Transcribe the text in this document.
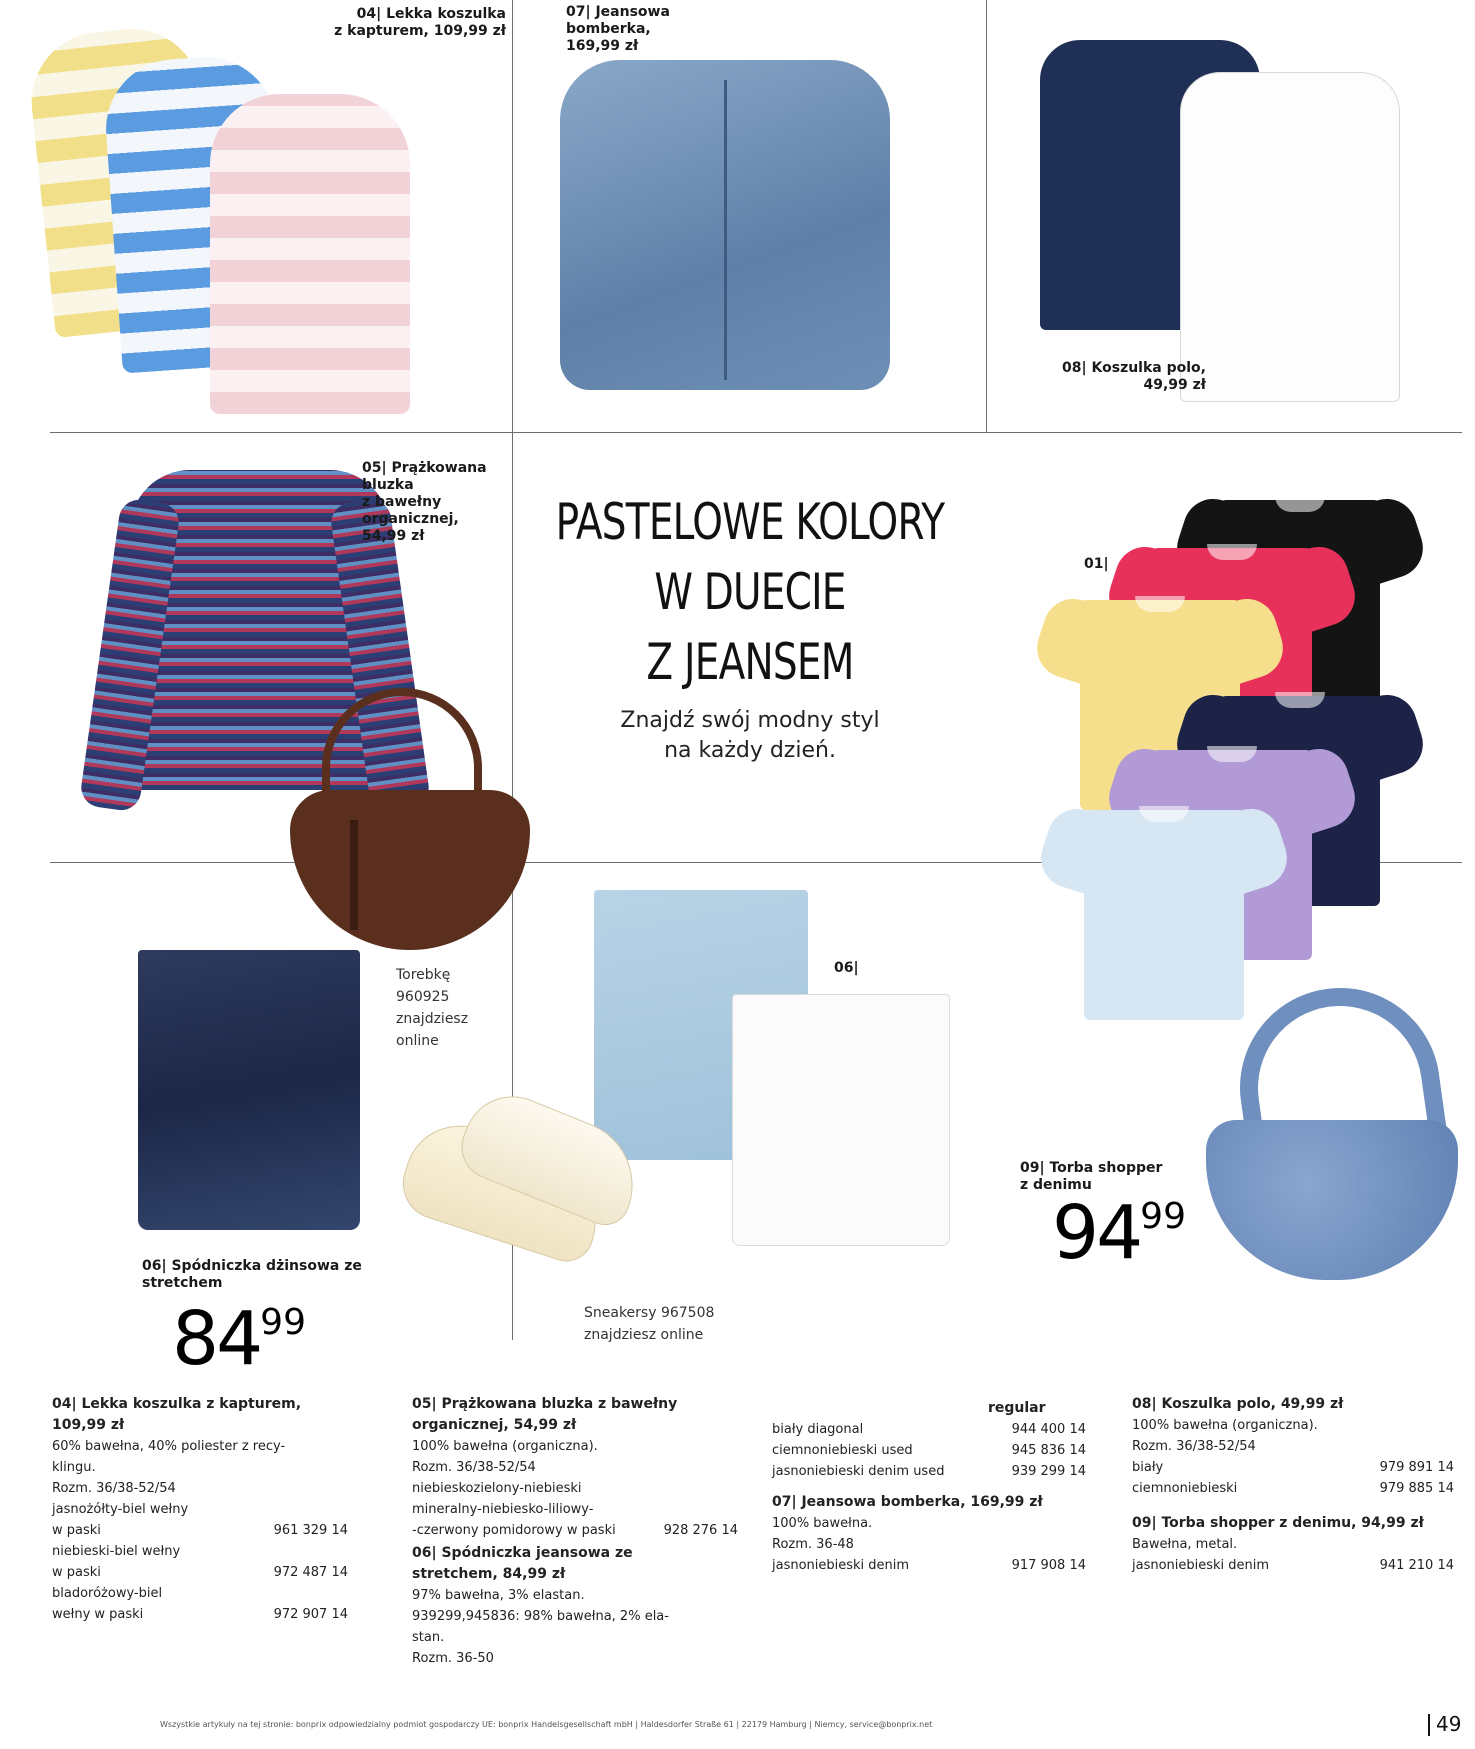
04| Lekka koszulka
z kapturem, 109,99 zł
07| Jeansowa
bomberka,
169,99 zł
08| Koszulka polo,
49,99 zł
05| Prążkowana
bluzka
z bawełny
organicznej,
54,99 zł	PASTELOWE KOLORY
W DUECIE
Z JEANSEM
Znajdź swój modny styl
na każdy dzień.
01|
Torebkę
960925
znajdziesz
online
06|
Sneakersy 967508
znajdziesz online
09| Torba shopper
z denimu
9499
06| Spódniczka dżinsowa ze
stretchem
8499
04| Lekka koszulka z kapturem,
109,99 zł
60% bawełna, 40% poliester z recy-
klingu.
Rozm. 36/38-52/54
jasnożółty-biel wełny
w paski	961 329 14
niebieski-biel wełny
w paski	972 487 14
bladoróżowy-biel
wełny w paski	972 907 14
05| Prążkowana bluzka z bawełny
organicznej, 54,99 zł
100% bawełna (organiczna).
Rozm. 36/38-52/54
niebieskozielony-niebieski
mineralny-niebiesko-liliowy-
-czerwony pomidorowy w paski	928 276 14
06| Spódniczka jeansowa ze
stretchem, 84,99 zł
97% bawełna, 3% elastan.
939299,945836: 98% bawełna, 2% ela-
stan.
Rozm. 36-50
regular
biały diagonal	944 400 14
ciemnoniebieski used	945 836 14
jasnoniebieski denim used	939 299 14
07| Jeansowa bomberka, 169,99 zł
100% bawełna.
Rozm. 36-48
jasnoniebieski denim	917 908 14
08| Koszulka polo, 49,99 zł
100% bawełna (organiczna).
Rozm. 36/38-52/54
biały	979 891 14
ciemnoniebieski	979 885 14
09| Torba shopper z denimu, 94,99 zł
Bawełna, metal.
jasnoniebieski denim	941 210 14
Wszystkie artykuły na tej stronie: bonprix odpowiedzialny podmiot gospodarczy UE: bonprix Handelsgesellschaft mbH | Haldesdorfer Straße 61 | 22179 Hamburg | Niemcy, service@bonprix.net	49
